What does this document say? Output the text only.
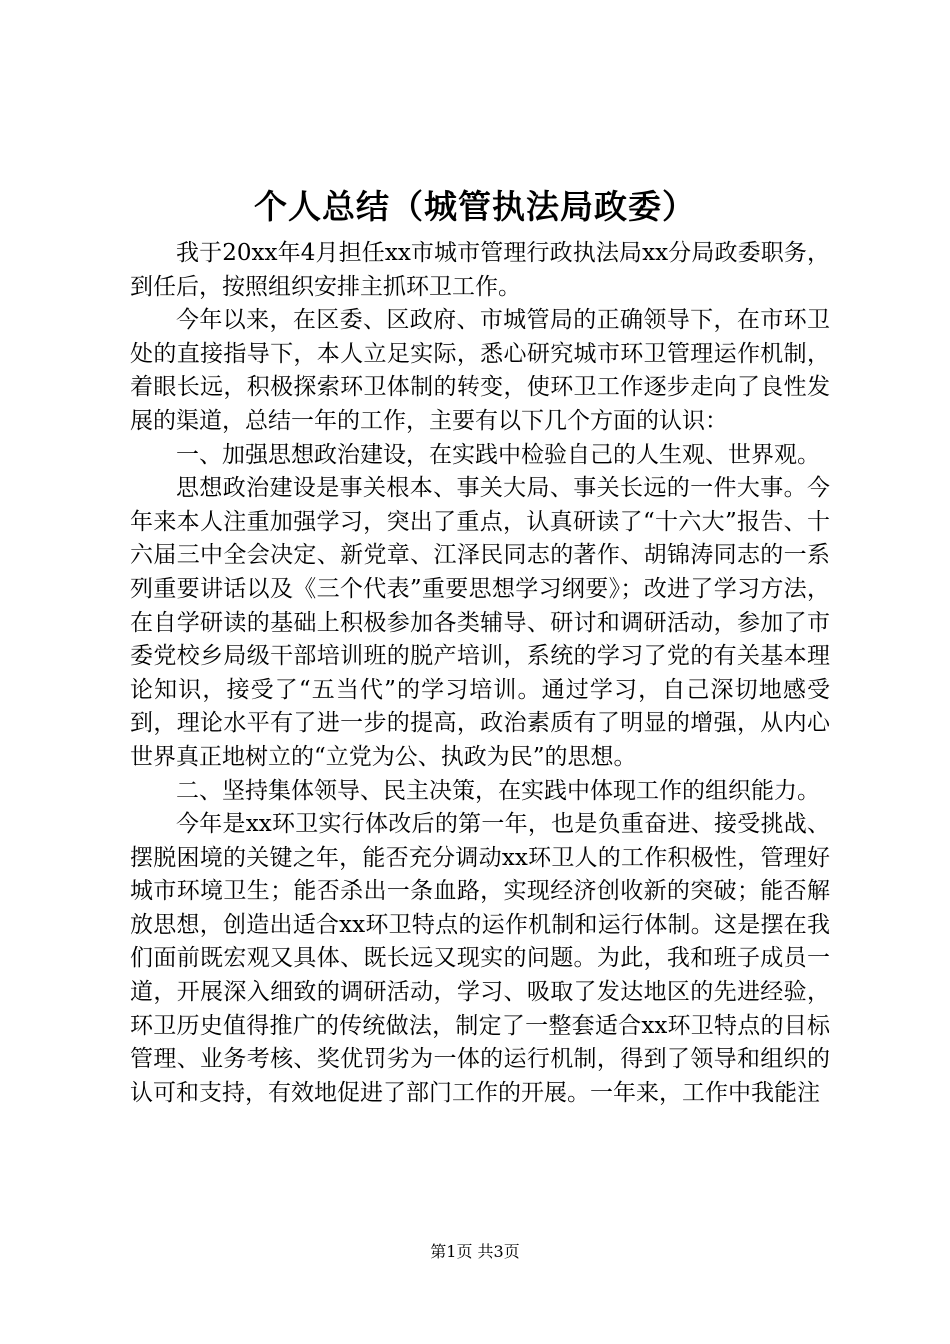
个人总结（城管执法局政委）

我于20xx年4月担任xx市城市管理行政执法局xx分局政委职务，到任后，按照组织安排主抓环卫工作。

今年以来，在区委、区政府、市城管局的正确领导下，在市环卫处的直接指导下，本人立足实际，悉心研究城市环卫管理运作机制，着眼长远，积极探索环卫体制的转变，使环卫工作逐步走向了良性发展的渠道，总结一年的工作，主要有以下几个方面的认识：

一、加强思想政治建设，在实践中检验自己的人生观、世界观。

思想政治建设是事关根本、事关大局、事关长远的一件大事。今年来本人注重加强学习，突出了重点，认真研读了“十六大”报告、十六届三中全会决定、新党章、江泽民同志的著作、胡锦涛同志的一系列重要讲话以及《三个代表”重要思想学习纲要》；改进了学习方法，在自学研读的基础上积极参加各类辅导、研讨和调研活动，参加了市委党校乡局级干部培训班的脱产培训，系统的学习了党的有关基本理论知识，接受了“五当代”的学习培训。通过学习，自己深切地感受到，理论水平有了进一步的提高，政治素质有了明显的增强，从内心世界真正地树立的“立党为公、执政为民”的思想。

二、坚持集体领导、民主决策，在实践中体现工作的组织能力。

今年是xx环卫实行体改后的第一年，也是负重奋进、接受挑战、摆脱困境的关键之年，能否充分调动xx环卫人的工作积极性，管理好城市环境卫生；能否杀出一条血路，实现经济创收新的突破；能否解放思想，创造出适合xx环卫特点的运作机制和运行体制。这是摆在我们面前既宏观又具体、既长远又现实的问题。为此，我和班子成员一道，开展深入细致的调研活动，学习、吸取了发达地区的先进经验，环卫历史值得推广的传统做法，制定了一整套适合xx环卫特点的目标管理、业务考核、奖优罚劣为一体的运行机制，得到了领导和组织的认可和支持，有效地促进了部门工作的开展。一年来，工作中我能注

第1页 共3页
